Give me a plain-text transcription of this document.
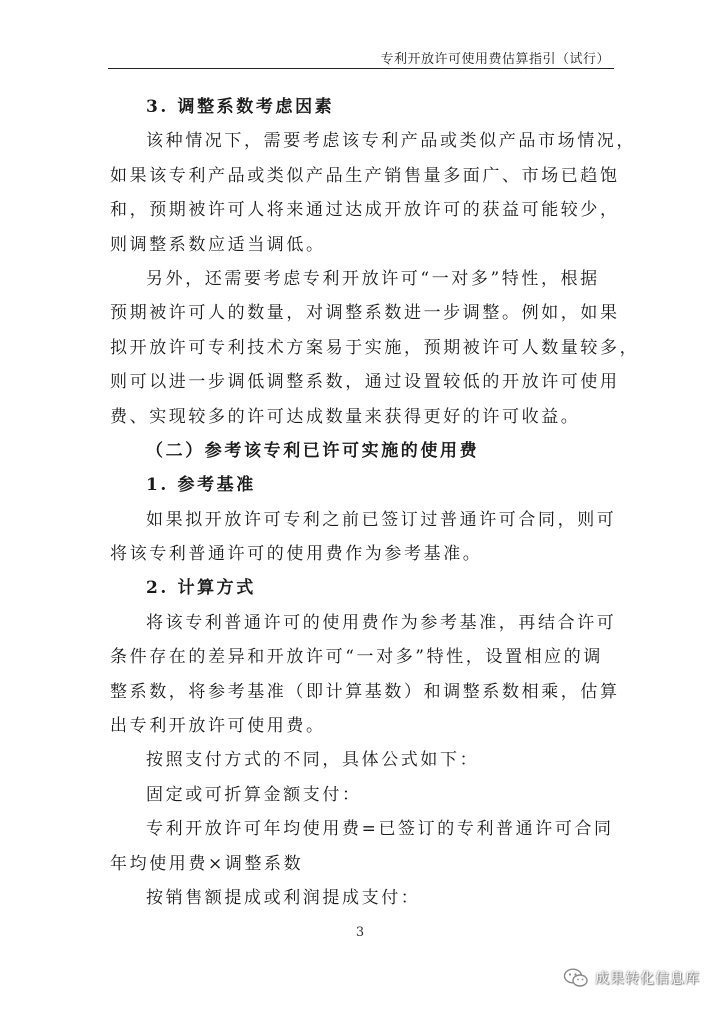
专利开放许可使用费估算指引（试行）
3. 调整系数考虑因素
该种情况下，需要考虑该专利产品或类似产品市场情况，
如果该专利产品或类似产品生产销售量多面广、市场已趋饱
和，预期被许可人将来通过达成开放许可的获益可能较少，
则调整系数应适当调低。
另外，还需要考虑专利开放许可“一对多”特性，根据
预期被许可人的数量，对调整系数进一步调整。例如，如果
拟开放许可专利技术方案易于实施，预期被许可人数量较多，
则可以进一步调低调整系数，通过设置较低的开放许可使用
费、实现较多的许可达成数量来获得更好的许可收益。
（二）参考该专利已许可实施的使用费
1. 参考基准
如果拟开放许可专利之前已签订过普通许可合同，则可
将该专利普通许可的使用费作为参考基准。
2. 计算方式
将该专利普通许可的使用费作为参考基准，再结合许可
条件存在的差异和开放许可“一对多”特性，设置相应的调
整系数，将参考基准（即计算基数）和调整系数相乘，估算
出专利开放许可使用费。
按照支付方式的不同，具体公式如下：
固定或可折算金额支付：
专利开放许可年均使用费=已签订的专利普通许可合同
年均使用费×调整系数
按销售额提成或利润提成支付：
3
成果转化信息库
